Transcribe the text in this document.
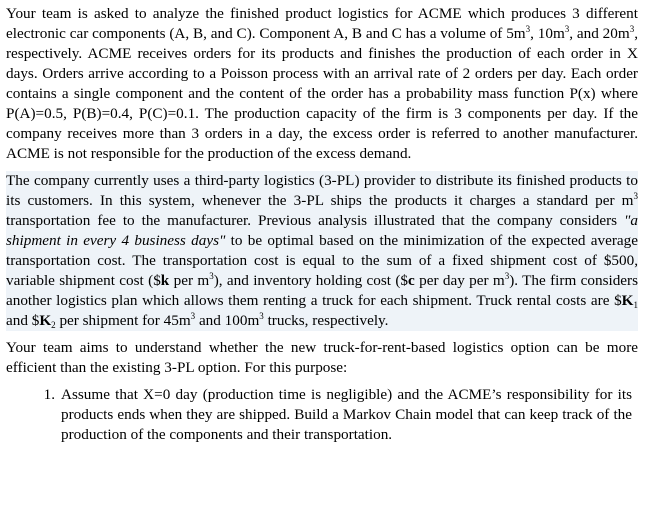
Your team is asked to analyze the finished product logistics for ACME which produces 3 different electronic car components (A, B, and C). Component A, B and C has a volume of $5m^3$, $10m^3$, and $20m^3$, respectively. ACME receives orders for its products and finishes the production of each order in X days. Orders arrive according to a Poisson process with an arrival rate of 2 orders per day. Each order contains a single component and the content of the order has a probability mass function P(x) where P(A)=0.5, P(B)=0.4, P(C)=0.1. The production capacity of the firm is 3 components per day. If the company receives more than 3 orders in a day, the excess order is referred to another manufacturer. ACME is not responsible for the production of the excess demand.

The company currently uses a third-party logistics (3-PL) provider to distribute its finished products to its customers. In this system, whenever the 3-PL ships the products it charges a standard per $m^3$ transportation fee to the manufacturer. Previous analysis illustrated that the company considers "a shipment in every 4 business days" to be optimal based on the minimization of the expected average transportation cost. The transportation cost is equal to the sum of a fixed shipment cost of $500, variable shipment cost ($k per $m^3$), and inventory holding cost ($c per day per $m^3$). The firm considers another logistics plan which allows them renting a truck for each shipment. Truck rental costs are $\$K_1$ and $\$K_2$ per shipment for $45m^3$ and $100m^3$ trucks, respectively.

Your team aims to understand whether the new truck-for-rent-based logistics option can be more efficient than the existing 3-PL option. For this purpose:

1. Assume that X=0 day (production time is negligible) and the ACME’s responsibility for its products ends when they are shipped. Build a Markov Chain model that can keep track of the production of the components and their transportation.
